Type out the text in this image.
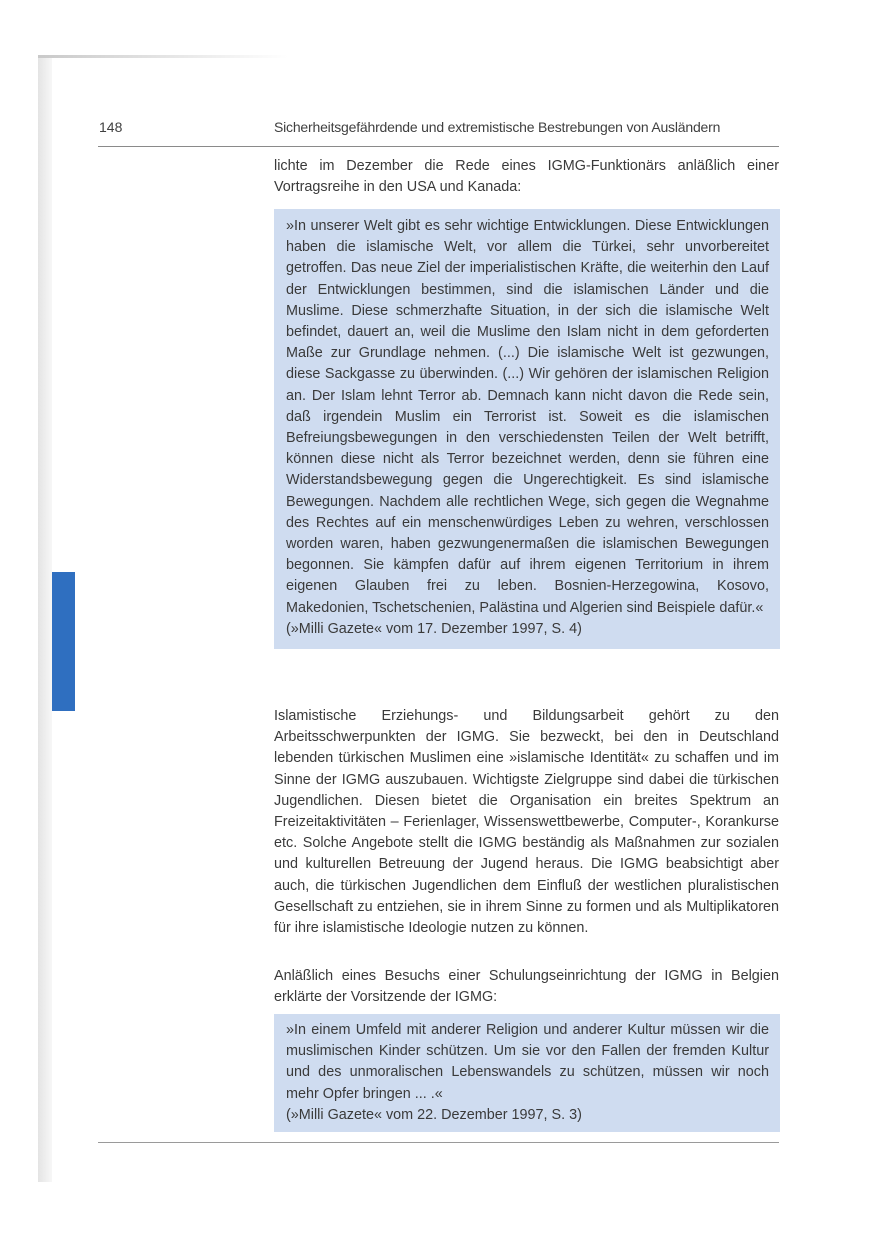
148	Sicherheitsgefährdende und extremistische Bestrebungen von Ausländern

lichte im Dezember die Rede eines IGMG-Funktionärs anläßlich einer Vortragsreihe in den USA und Kanada:

»In unserer Welt gibt es sehr wichtige Entwicklungen. Diese Entwicklungen haben die islamische Welt, vor allem die Türkei, sehr unvorbereitet getroffen. Das neue Ziel der imperialistischen Kräfte, die weiterhin den Lauf der Entwicklungen bestimmen, sind die islamischen Länder und die Muslime. Diese schmerzhafte Situation, in der sich die islamische Welt befindet, dauert an, weil die Muslime den Islam nicht in dem geforderten Maße zur Grundlage nehmen. (...) Die islamische Welt ist gezwungen, diese Sackgasse zu überwinden. (...) Wir gehören der islamischen Religion an. Der Islam lehnt Terror ab. Demnach kann nicht davon die Rede sein, daß irgendein Muslim ein Terrorist ist. Soweit es die islamischen Befreiungsbewegungen in den verschiedensten Teilen der Welt betrifft, können diese nicht als Terror bezeichnet werden, denn sie führen eine Widerstandsbewegung gegen die Ungerechtigkeit. Es sind islamische Bewegungen. Nachdem alle rechtlichen Wege, sich gegen die Wegnahme des Rechtes auf ein menschenwürdiges Leben zu wehren, verschlossen worden waren, haben gezwungenermaßen die islamischen Bewegungen begonnen. Sie kämpfen dafür auf ihrem eigenen Territorium in ihrem eigenen Glauben frei zu leben. Bosnien-Herzegowina, Kosovo, Makedonien, Tschetschenien, Palästina und Algerien sind Beispiele dafür.«

(»Milli Gazete« vom 17. Dezember 1997, S. 4)

Islamistische Erziehungs- und Bildungsarbeit gehört zu den Arbeitsschwerpunkten der IGMG. Sie bezweckt, bei den in Deutschland lebenden türkischen Muslimen eine »islamische Identität« zu schaffen und im Sinne der IGMG auszubauen. Wichtigste Zielgruppe sind dabei die türkischen Jugendlichen. Diesen bietet die Organisation ein breites Spektrum an Freizeitaktivitäten – Ferienlager, Wissenswettbewerbe, Computer-, Korankurse etc. Solche Angebote stellt die IGMG beständig als Maßnahmen zur sozialen und kulturellen Betreuung der Jugend heraus. Die IGMG beabsichtigt aber auch, die türkischen Jugendlichen dem Einfluß der westlichen pluralistischen Gesellschaft zu entziehen, sie in ihrem Sinne zu formen und als Multiplikatoren für ihre islamistische Ideologie nutzen zu können.

Anläßlich eines Besuchs einer Schulungseinrichtung der IGMG in Belgien erklärte der Vorsitzende der IGMG:

»In einem Umfeld mit anderer Religion und anderer Kultur müssen wir die muslimischen Kinder schützen. Um sie vor den Fallen der fremden Kultur und des unmoralischen Lebenswandels zu schützen, müssen wir noch mehr Opfer bringen ... .«

(»Milli Gazete« vom 22. Dezember 1997, S. 3)
